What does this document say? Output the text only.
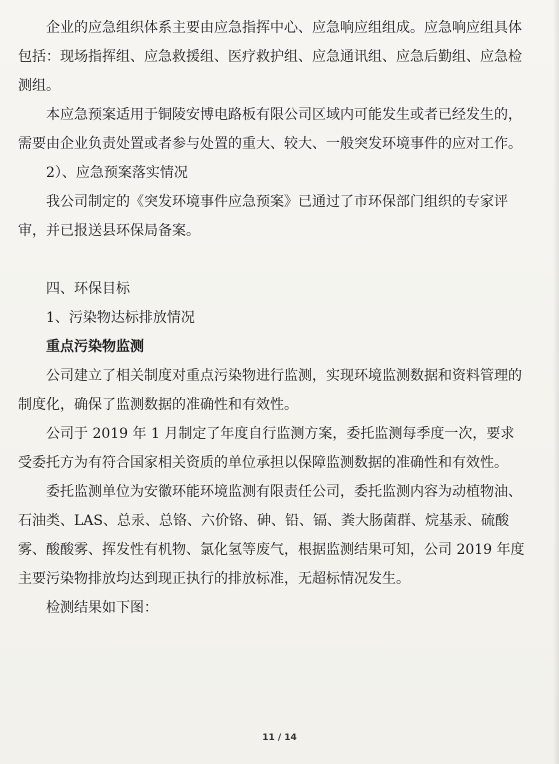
企业的应急组织体系主要由应急指挥中心、应急响应组组成。应急响应组具体包括：现场指挥组、应急救援组、医疗救护组、应急通讯组、应急后勤组、应急检测组。

本应急预案适用于铜陵安博电路板有限公司区域内可能发生或者已经发生的，需要由企业负责处置或者参与处置的重大、较大、一般突发环境事件的应对工作。

2）、应急预案落实情况

我公司制定的《突发环境事件应急预案》已通过了市环保部门组织的专家评审，并已报送县环保局备案。

四、环保目标

1、污染物达标排放情况

重点污染物监测

公司建立了相关制度对重点污染物进行监测，实现环境监测数据和资料管理的制度化，确保了监测数据的准确性和有效性。

公司于 2019 年 1 月制定了年度自行监测方案，委托监测每季度一次，要求受委托方为有符合国家相关资质的单位承担以保障监测数据的准确性和有效性。

委托监测单位为安徽环能环境监测有限责任公司，委托监测内容为动植物油、石油类、LAS、总汞、总铬、六价铬、砷、铅、镉、粪大肠菌群、烷基汞、硫酸雾、酸酸雾、挥发性有机物、氯化氢等废气，根据监测结果可知，公司 2019 年度主要污染物排放均达到现正执行的排放标准，无超标情况发生。

检测结果如下图：

11 / 14
